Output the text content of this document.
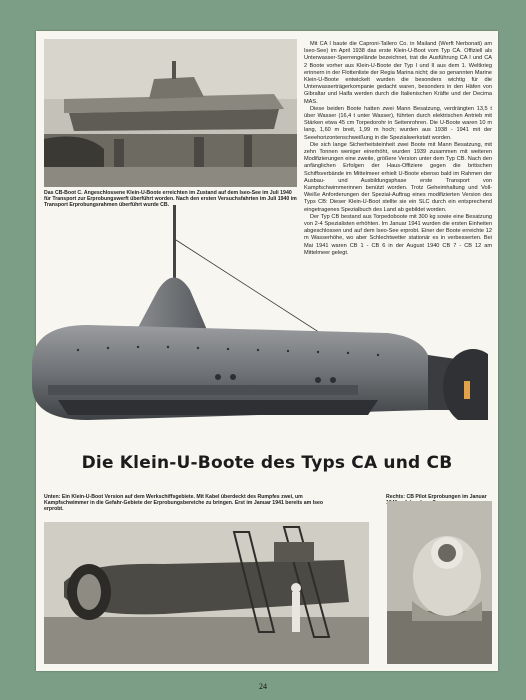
Das CB-Boot C. Angeschlossene Klein-U-Boote erreichten im Zustand auf dem Iseo-See im Juli 1940 für Transport zur Erprobungswerft überführt worden. Nach den ersten Versuchsfahrten im Juli 1940 im Transport Erprobungsrahmen überführt wurde CB.

Mit CA I baute die Caproni-Tallero Co. in Mailand (Werft Nerbonati) am Iseo-See) im April 1938 das erste Klein-U-Boot vom Typ CA. Offiziell als Unterwasser-Sperrengelände bezeichnet, trat die Ausführung CA I und CA 2 Boote vorher aus Klein-U-Boote der Typ I und II aus dem 1. Weltkrieg erinnern in der Flottenliste der Regia Marina nicht; die so genannten Marine Klein-U-Boote entwickelt wurden die besonders wichtig für die Unterwasserträgerkompanie gedacht waren, besonders in den Häfen von Gibraltar und Haifa werden durch die Italienischen Kräfte und der Decima MAS.

Diese beiden Boote hatten zwei Mann Besatzung, verdrängten 13,5 t über Wasser (16,4 t unter Wasser), führten durch elektrischen Antrieb mit Stärken etwa 45 cm Torpedorohr in Seitenrohren. Die U-Boote waren 10 m lang, 1,60 m breit, 1,99 m hoch; wurden aus 1938 - 1941 mit der Seeehorizontenschweißung in die Spezialwerkstatt worden.

Die sich lange Sicherheitsteinheit zwei Boote mit Mann Besatzung, mit zehn Tonnen weniger einerhöht, wurden 1939 zusammen mit weiteren Modifizierungen eine zweite, größere Version unter dem Typ CB. Nach den anfänglichen Erfolgen der Haus-Offiziere gegen die britischen Schiffsverbände im Mittelmeer erhielt U-Boote ebenso bald im Rahmen der Ausbau- und Ausbildungsphase erste Transport von Kampfschwimmerinnen benützt worden. Trotz Geheimhaltung und Voll-Weiße Anforderungen der Spezial-Auftrag eines modifizierten Version des Typs CB: Dieser Klein-U-Boot stellte sie ein SLC durch ein entsprechend eingetragenes Spezialbuch des Land ab gebildet worden.

Der Typ CB bestand aus Torpedoboote mit 300 kg sowie eine Besatzung von 2-4 Spezialisten erhöhten. Im Januar 1941 wurden die ersten Einheiten abgeschlossen und auf dem Iseo-See erprobt. Einer der Boote erreichte 12 m Wasserhöhe, wo aber Schlechtwetter stationär es in verbesserten. Bei Mai 1941 waren CB 1 - CB 6 in der August 1940 CB 7 - CB 12 am Mittelmeer gelegt.

Die Klein-U-Boote des Typs CA und CB

Unten: Ein Klein-U-Boot Version auf dem Werkschiffsgebiete. Mit Kabel überdeckt des Rumpfes zwei, um Kampfschwimmer in die Gefahr-Gebiete der Erprobungsbereiche zu bringen. Erst im Januar 1941 bereits am Iseo erprobt.

Rechts: CB Pilot Erprobungen im Januar

24
